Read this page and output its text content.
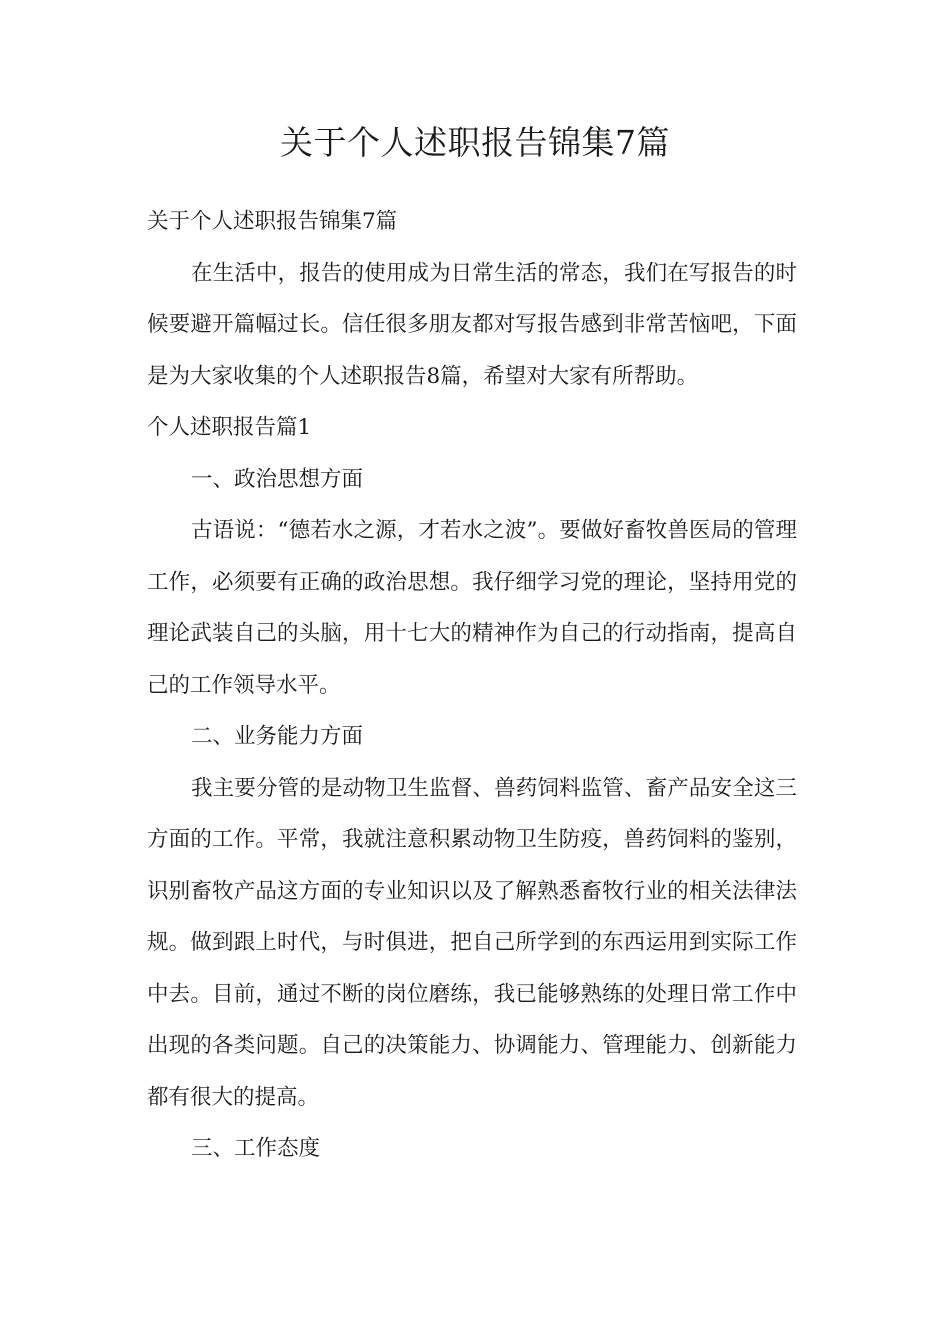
关于个人述职报告锦集7篇

关于个人述职报告锦集7篇

在生活中，报告的使用成为日常生活的常态，我们在写报告的时候要避开篇幅过长。信任很多朋友都对写报告感到非常苦恼吧，下面是为大家收集的个人述职报告8篇，希望对大家有所帮助。

个人述职报告篇1

一、政治思想方面

古语说：“德若水之源，才若水之波”。要做好畜牧兽医局的管理工作，必须要有正确的政治思想。我仔细学习党的理论，坚持用党的理论武装自己的头脑，用十七大的精神作为自己的行动指南，提高自己的工作领导水平。

二、业务能力方面

我主要分管的是动物卫生监督、兽药饲料监管、畜产品安全这三方面的工作。平常，我就注意积累动物卫生防疫，兽药饲料的鉴别，识别畜牧产品这方面的专业知识以及了解熟悉畜牧行业的相关法律法规。做到跟上时代，与时俱进，把自己所学到的东西运用到实际工作中去。目前，通过不断的岗位磨练，我已能够熟练的处理日常工作中出现的各类问题。自己的决策能力、协调能力、管理能力、创新能力都有很大的提高。

三、工作态度
